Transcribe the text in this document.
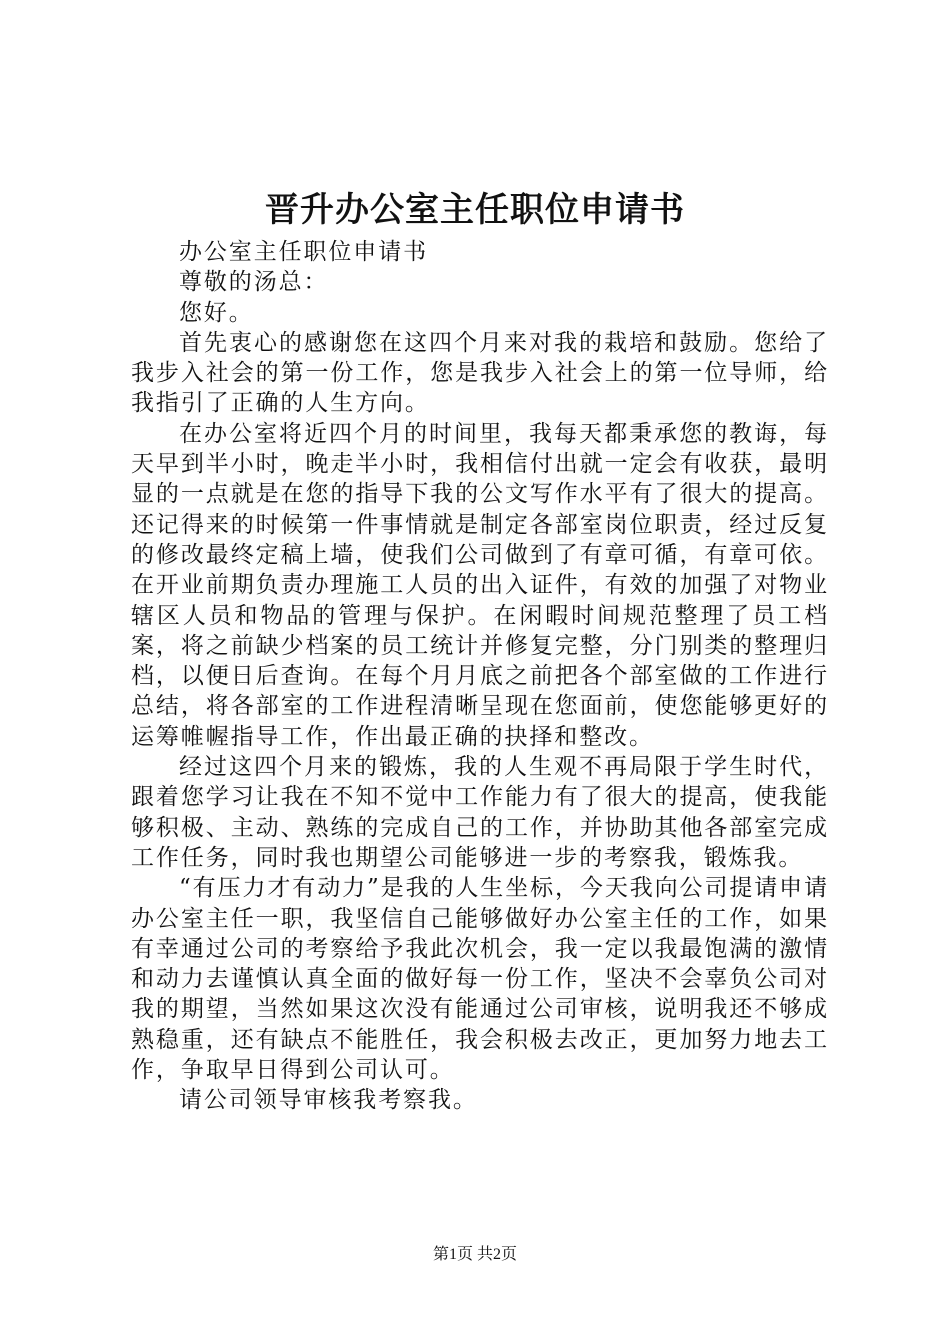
晋升办公室主任职位申请书

办公室主任职位申请书

尊敬的汤总：

您好。

首先衷心的感谢您在这四个月来对我的栽培和鼓励。您给了我步入社会的第一份工作，您是我步入社会上的第一位导师，给我指引了正确的人生方向。

在办公室将近四个月的时间里，我每天都秉承您的教诲，每天早到半小时，晚走半小时，我相信付出就一定会有收获，最明显的一点就是在您的指导下我的公文写作水平有了很大的提高。还记得来的时候第一件事情就是制定各部室岗位职责，经过反复的修改最终定稿上墙，使我们公司做到了有章可循，有章可依。在开业前期负责办理施工人员的出入证件，有效的加强了对物业辖区人员和物品的管理与保护。在闲暇时间规范整理了员工档案，将之前缺少档案的员工统计并修复完整，分门别类的整理归档，以便日后查询。在每个月月底之前把各个部室做的工作进行总结，将各部室的工作进程清晰呈现在您面前，使您能够更好的运筹帷幄指导工作，作出最正确的抉择和整改。

经过这四个月来的锻炼，我的人生观不再局限于学生时代，跟着您学习让我在不知不觉中工作能力有了很大的提高，使我能够积极、主动、熟练的完成自己的工作，并协助其他各部室完成工作任务，同时我也期望公司能够进一步的考察我，锻炼我。

“有压力才有动力”是我的人生坐标，今天我向公司提请申请办公室主任一职，我坚信自己能够做好办公室主任的工作，如果有幸通过公司的考察给予我此次机会，我一定以我最饱满的激情和动力去谨慎认真全面的做好每一份工作，坚决不会辜负公司对我的期望，当然如果这次没有能通过公司审核，说明我还不够成熟稳重，还有缺点不能胜任，我会积极去改正，更加努力地去工作，争取早日得到公司认可。

请公司领导审核我考察我。

第1页 共2页
